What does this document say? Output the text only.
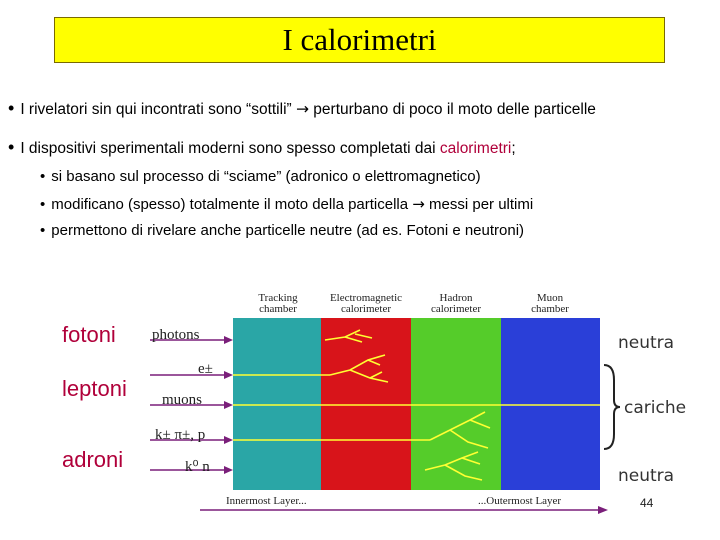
I calorimetri
• I rivelatori sin qui incontrati sono “sottili” → perturbano di poco il moto delle particelle
• I dispositivi sperimentali moderni sono spesso completati dai calorimetri;
• si basano sul processo di “sciame” (adronico o elettromagnetico)
• modificano (spesso) totalmente il moto della particella → messi per ultimi
• permettono di rivelare anche particelle neutre (ad es. Fotoni e neutroni)
Tracking
chamber
Electromagnetic
calorimeter
Hadron
calorimeter
Muon
chamber
fotoni
leptoni
adroni
photons
e±
muons
k± π±, p
k⁰ n
neutra
cariche
neutra
Innermost Layer...	...Outermost Layer	44
